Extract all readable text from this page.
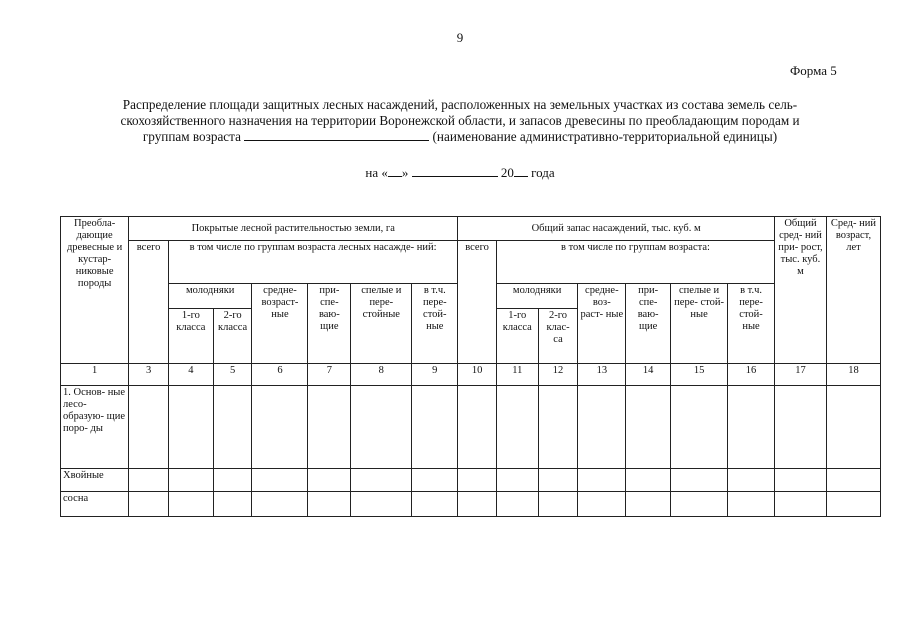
9
Форма 5
Распределение площади защитных лесных насаждений, расположенных на земельных участках из состава земель сель-
скохозяйственного назначения на территории Воронежской области, и запасов древесины по преобладающим породам и
группам возраста	(наименование административно-территориальной единицы)
на « »	20 года
Преобла- дающие древесные и кустар- никовые породы	Покрытые лесной растительностью земли, га							Общий запас насаждений, тыс. куб. м							Общий сред- ний при- рост, тыс. куб. м	Сред- ний возраст, лет
	всего	в том числе по группам возраста лесных насажде- ний:						всего	в том числе по группам возраста:							
		молодняки		средне- возраст- ные	при- спе- ваю- щие	спелые и пере- стойные	в т.ч. пере- стой- ные		молодняки		средне- воз- раст- ные	при- спе- ваю- щие	спелые и пере- стой- ные	в т.ч. пере- стой- ные		
		1-го класса	2-го класса						1-го класса	2-го клас- са						
1	3	4	5	6	7	8	9	10	11	12	13	14	15	16	17	18
1. Основ- ные лесо- образую- щие поро- ды																
Хвойные																
сосна																
